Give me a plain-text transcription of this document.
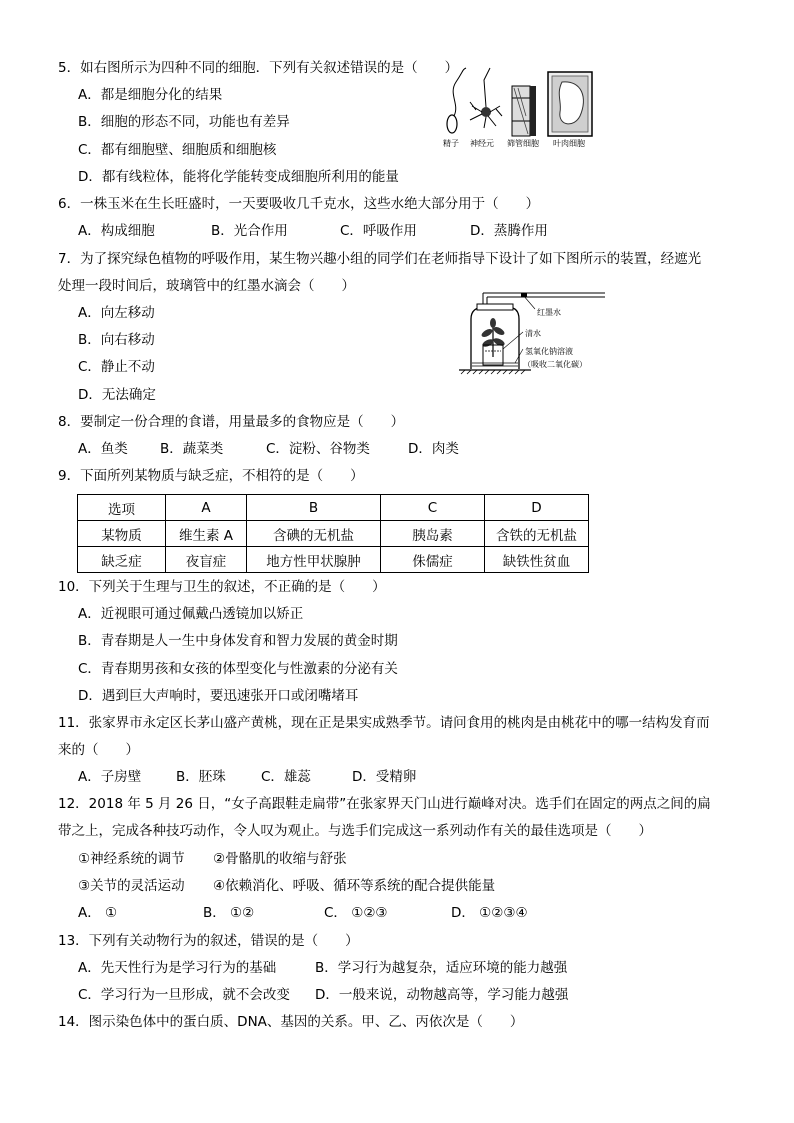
5．如右图所示为四种不同的细胞．下列有关叙述错误的是（　　）
A．都是细胞分化的结果
B．细胞的形态不同，功能也有差异
C．都有细胞壁、细胞质和细胞核
D．都有线粒体，能将化学能转变成细胞所利用的能量
精子 神经元 筛管细胞 叶肉细胞
6．一株玉米在生长旺盛时，一天要吸收几千克水，这些水绝大部分用于（　　）
A．构成细胞	B．光合作用	C．呼吸作用	D．蒸腾作用
7．为了探究绿色植物的呼吸作用，某生物兴趣小组的同学们在老师指导下设计了如下图所示的装置，经遮光
处理一段时间后，玻璃管中的红墨水滴会（　　）
A．向左移动
B．向右移动
C．静止不动
D．无法确定
红墨水
清水
氢氧化钠溶液
（吸收二氧化碳）
8．要制定一份合理的食谱，用量最多的食物应是（　　）
A．鱼类 B．蔬菜类	C．淀粉、谷物类	D．肉类
9．下面所列某物质与缺乏症，不相符的是（　　）
选项	A	B	C	D
某物质	维生素 A	含碘的无机盐	胰岛素	含铁的无机盐
缺乏症	夜盲症	地方性甲状腺肿	侏儒症	缺铁性贫血
10．下列关于生理与卫生的叙述，不正确的是（　　）
A．近视眼可通过佩戴凸透镜加以矫正
B．青春期是人一生中身体发育和智力发展的黄金时期
C．青春期男孩和女孩的体型变化与性激素的分泌有关
D．遇到巨大声响时，要迅速张开口或闭嘴堵耳
11．张家界市永定区长茅山盛产黄桃，现在正是果实成熟季节。请问食用的桃肉是由桃花中的哪一结构发育而
来的（　　）
A．子房壁	B．胚珠	C．雄蕊	D．受精卵
12．2018 年 5 月 26 日，“女子高跟鞋走扁带”在张家界天门山进行巅峰对决。选手们在固定的两点之间的扁
带之上，完成各种技巧动作，令人叹为观止。与选手们完成这一系列动作有关的最佳选项是（　　）
①神经系统的调节 ②骨骼肌的收缩与舒张
③关节的灵活运动 ④依赖消化、呼吸、循环等系统的配合提供能量
A． ①	B． ①②	C． ①②③	D． ①②③④
13．下列有关动物行为的叙述，错误的是（　　）
A．先天性行为是学习行为的基础	B．学习行为越复杂，适应环境的能力越强
C．学习行为一旦形成，就不会改变 D．一般来说，动物越高等，学习能力越强
14．图示染色体中的蛋白质、DNA、基因的关系。甲、乙、丙依次是（　　）
